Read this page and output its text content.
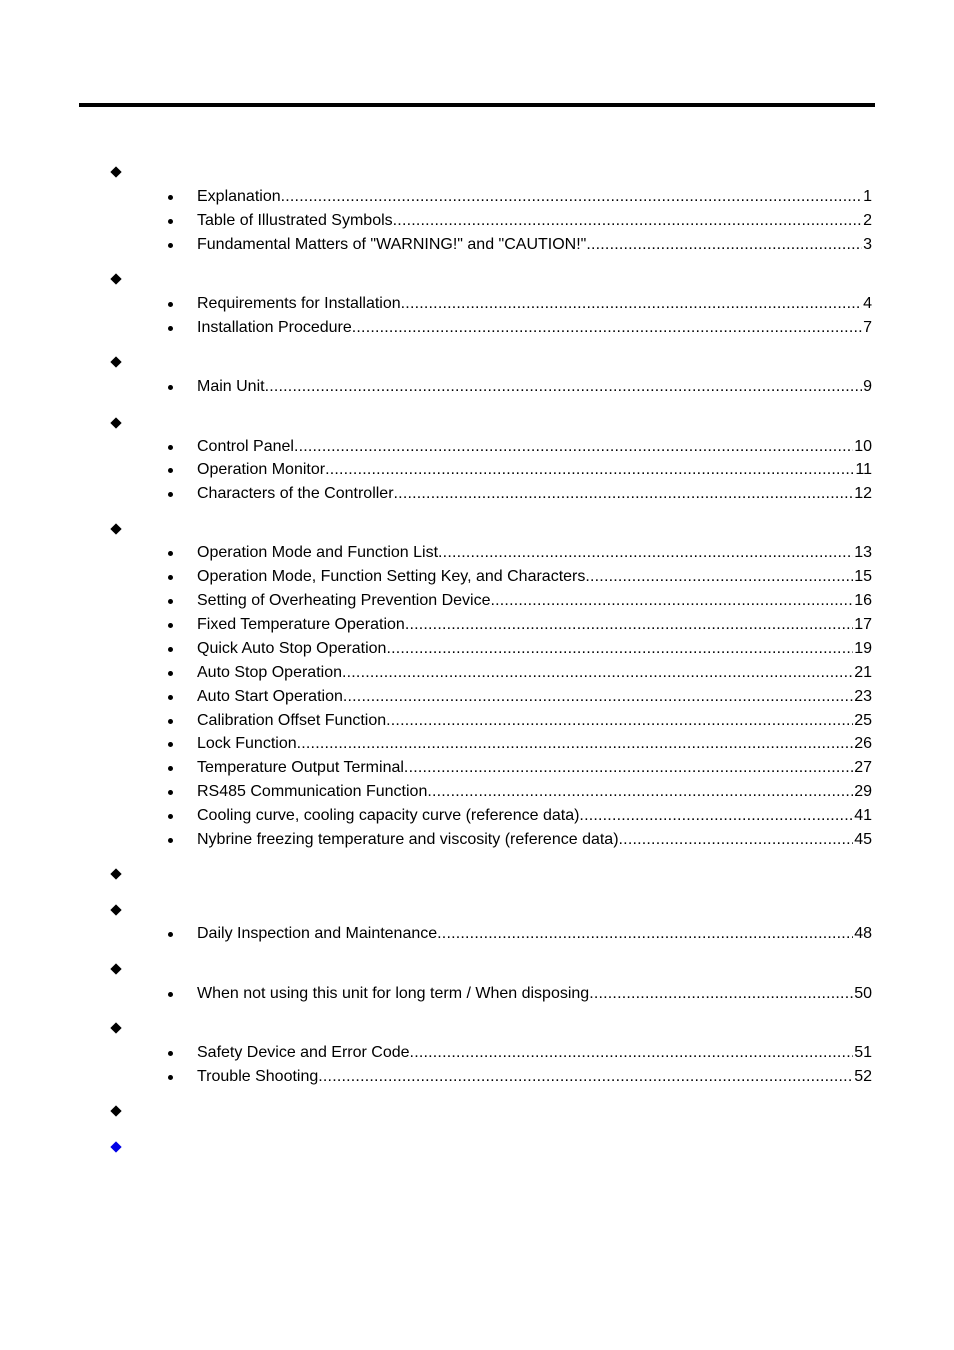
Explanation .....	1
Table of Illustrated Symbols .....	2
Fundamental Matters of "WARNING!" and "CAUTION!" .....	3
Requirements for Installation .....	4
Installation Procedure .....	7
Main Unit .....	9
Control Panel .....	10
Operation Monitor .....	11
Characters of the Controller .....	12
Operation Mode and Function List .....	13
Operation Mode, Function Setting Key, and Characters .....	15
Setting of Overheating Prevention Device .....	16
Fixed Temperature Operation .....	17
Quick Auto Stop Operation .....	19
Auto Stop Operation .....	21
Auto Start Operation .....	23
Calibration Offset Function .....	25
Lock Function .....	26
Temperature Output Terminal .....	27
RS485 Communication Function .....	29
Cooling curve, cooling capacity curve (reference data) .....	41
Nybrine freezing temperature and viscosity (reference data) .....	45
Daily Inspection and Maintenance .....	48
When not using this unit for long term / When disposing .....	50
Safety Device and Error Code .....	51
Trouble Shooting .....	52
